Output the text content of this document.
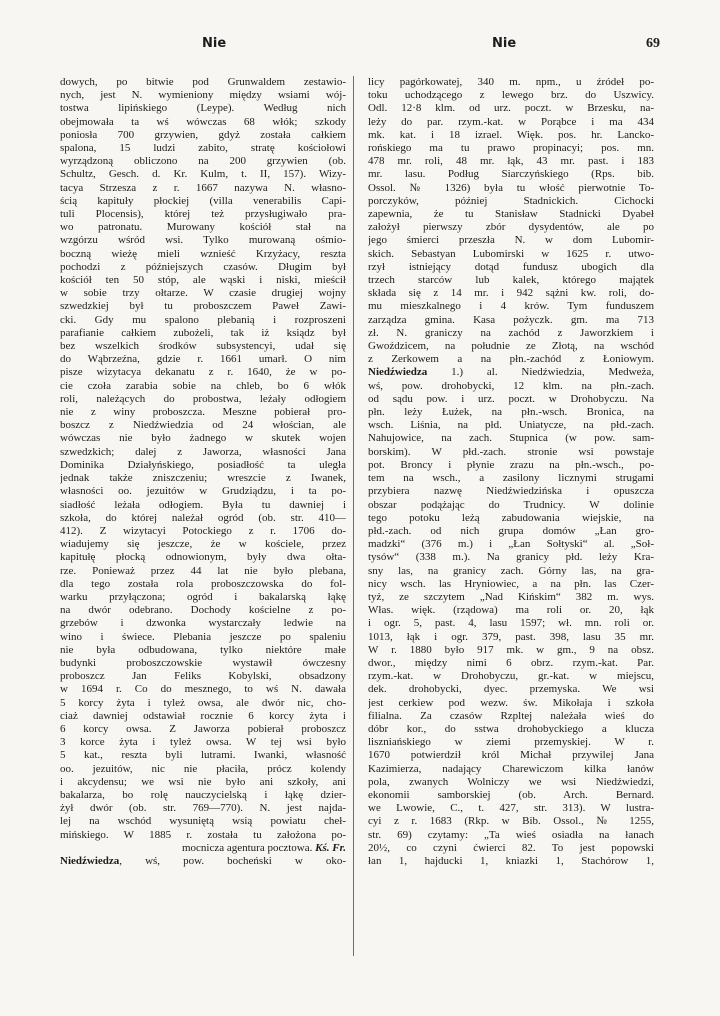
Nie	Nie	69
dowych, po bitwie pod Grunwaldem zestawio-
nych, jest N. wymieniony między wsiami wój-
tostwa lipińskiego (Leype). Według nich
obejmowała ta wś wówczas 68 włók; szkody
poniosła 700 grzywien, gdyż została całkiem
spalona, 15 ludzi zabito, stratę kościołowi
wyrządzoną obliczono na 200 grzywien (ob.
Schultz, Gesch. d. Kr. Kulm, t. II, 157). Wizy-
tacya Strzesza z r. 1667 nazywa N. własno-
ścią kapituły płockiej (villa venerabilis Capi-
tuli Plocensis), której też przysługiwało pra-
wo patronatu. Murowany kościół stał na
wzgórzu wśród wsi. Tylko murowaną ośmio-
boczną wieżę mieli wznieść Krzyżacy, reszta
pochodzi z późniejszych czasów. Długim był
kościół ten 50 stóp, ale wąski i niski, mieścił
w sobie trzy ołtarze. W czasie drugiej wojny
szwedzkiej był tu proboszczem Paweł Zawi-
cki. Gdy mu spalono plebanią i rozproszeni
parafianie całkiem zubożeli, tak iż ksiądz był
bez wszelkich środków subsystencyi, udał się
do Wąbrzeźna, gdzie r. 1661 umarł. O nim
pisze wizytacya dekanatu z r. 1640, że w po-
cie czoła zarabia sobie na chleb, bo 6 włók
roli, należących do probostwa, leżały odłogiem
nie z winy proboszcza. Meszne pobierał pro-
boszcz z Niedźwiedzia od 24 włościan, ale
wówczas nie było żadnego w skutek wojen
szwedzkich; dalej z Jaworza, własności Jana
Dominika Działyńskiego, posiadłość ta uległa
jednak także zniszczeniu; wreszcie z Iwanek,
własności oo. jezuitów w Grudziądzu, i ta po-
siadłość leżała odłogiem. Była tu dawniej i
szkoła, do której należał ogród (ob. str. 410—
412). Z wizytacyi Potockiego z r. 1706 do-
wiadujemy się jeszcze, że w kościele, przez
kapitułę płocką odnowionym, były dwa ołta-
rze. Ponieważ przez 44 lat nie było plebana,
dla tego została rola proboszczowska do fol-
warku przyłączona; ogród i bakalarską łąkę
na dwór odebrano. Dochody kościelne z po-
grzebów i dzwonka wystarczały ledwie na
wino i świece. Plebania jeszcze po spaleniu
nie była odbudowana, tylko niektóre małe
budynki proboszczowskie wystawił ówczesny
proboszcz Jan Feliks Kobylski, obsadzony
w 1694 r. Co do mesznego, to wś N. dawała
5 korcy żyta i tyleż owsa, ale dwór nic, cho-
ciaż dawniej odstawiał rocznie 6 korcy żyta i
6 korcy owsa. Z Jaworza pobierał proboszcz
3 korce żyta i tyleż owsa. W tej wsi było
5 kat., reszta byli lutrami. Iwanki, własność
oo. jezuitów, nic nie płaciła, prócz kolendy
i akcydensu; we wsi nie było ani szkoły, ani
bakalarza, bo rolę nauczycielską i łąkę dzier-
żył dwór (ob. str. 769—770). N. jest najda-
lej na wschód wysuniętą wsią powiatu cheł-
mińskiego. W 1885 r. została tu założona po-
mocnicza agentura pocztowa. Kś. Fr.
Niedźwiedza, wś, pow. bocheński w oko-
licy pagórkowatej, 340 m. npm., u źródeł po-
toku uchodzącego z lewego brz. do Uszwicy.
Odl. 12·8 klm. od urz. poczt. w Brzesku, na-
leży do par. rzym.-kat. w Porąbce i ma 434
mk. kat. i 18 izrael. Więk. pos. hr. Lancko-
rońskiego ma tu prawo propinacyi; pos. mn.
478 mr. roli, 48 mr. łąk, 43 mr. past. i 183
mr. lasu. Podług Siarczyńskiego (Rps. bib.
Ossol. № 1326) była tu włość pierwotnie To-
porczyków, później Stadnickich. Cichocki
zapewnia, że tu Stanisław Stadnicki Dyabeł
założył pierwszy zbór dysydentów, ale po
jego śmierci przeszła N. w dom Lubomir-
skich. Sebastyan Lubomirski w 1625 r. utwo-
rzył istniejący dotąd fundusz ubogich dla
trzech starców lub kalek, którego majątek
składa się z 14 mr. i 942 sążni kw. roli, do-
mu mieszkalnego i 4 krów. Tym funduszem
zarządza gmina. Kasa pożyczk. gm. ma 713
zł. N. graniczy na zachód z Jaworzkiem i
Gwoździcem, na południe ze Złotą, na wschód
z Zerkowem a na płn.-zachód z Łoniowym.
Niedźwiedza 1.) al. Niedźwiedzia, Medweża,
wś, pow. drohobycki, 12 klm. na płn.-zach.
od sądu pow. i urz. poczt. w Drohobyczu. Na
płn. leży Łużek, na płn.-wsch. Bronica, na
wsch. Liśnia, na płd. Uniatycze, na płd.-zach.
Nahujowice, na zach. Stupnica (w pow. sam-
borskim). W płd.-zach. stronie wsi powstaje
pot. Broncy i płynie zrazu na płn.-wsch., po-
tem na wsch., a zasilony licznymi strugami
przybiera nazwę Niedźwiedzińska i opuszcza
obszar podążając do Trudnicy. W dolinie
tego potoku leżą zabudowania wiejskie, na
płd.-zach. od nich grupa domów „Łan gro-
madzki“ (376 m.) i „Łan Sołtyski“ al. „Soł-
tysów“ (338 m.). Na granicy płd. leży Kra-
sny las, na granicy zach. Górny las, na gra-
nicy wsch. las Hryniowiec, a na płn. las Czer-
tyż, ze szczytem „Nad Kińskim“ 382 m. wys.
Włas. więk. (rządowa) ma roli or. 20, łąk
i ogr. 5, past. 4, lasu 1597; wł. mn. roli or.
1013, łąk i ogr. 379, past. 398, lasu 35 mr.
W r. 1880 było 917 mk. w gm., 9 na obsz.
dwor., między nimi 6 obrz. rzym.-kat. Par.
rzym.-kat. w Drohobyczu, gr.-kat. w miejscu,
dek. drohobycki, dyec. przemyska. We wsi
jest cerkiew pod wezw. św. Mikołaja i szkoła
filialna. Za czasów Rzpltej należała wieś do
dóbr kor., do sstwa drohobyckiego a klucza
liszniańskiego w ziemi przemyskiej. W r.
1670 potwierdził król Michał przywilej Jana
Kazimierza, nadający Charewiczom kilka łanów
pola, zwanych Wolniczy we wsi Niedźwiedzi,
ekonomii samborskiej (ob. Arch. Bernard.
we Lwowie, C., t. 427, str. 313). W lustra-
cyi z r. 1683 (Rkp. w Bib. Ossol., № 1255,
str. 69) czytamy: „Ta wieś osiadła na łanach
20½, co czyni ćwierci 82. To jest popowski
łan 1, hajducki 1, kniazki 1, Stachórow 1,
